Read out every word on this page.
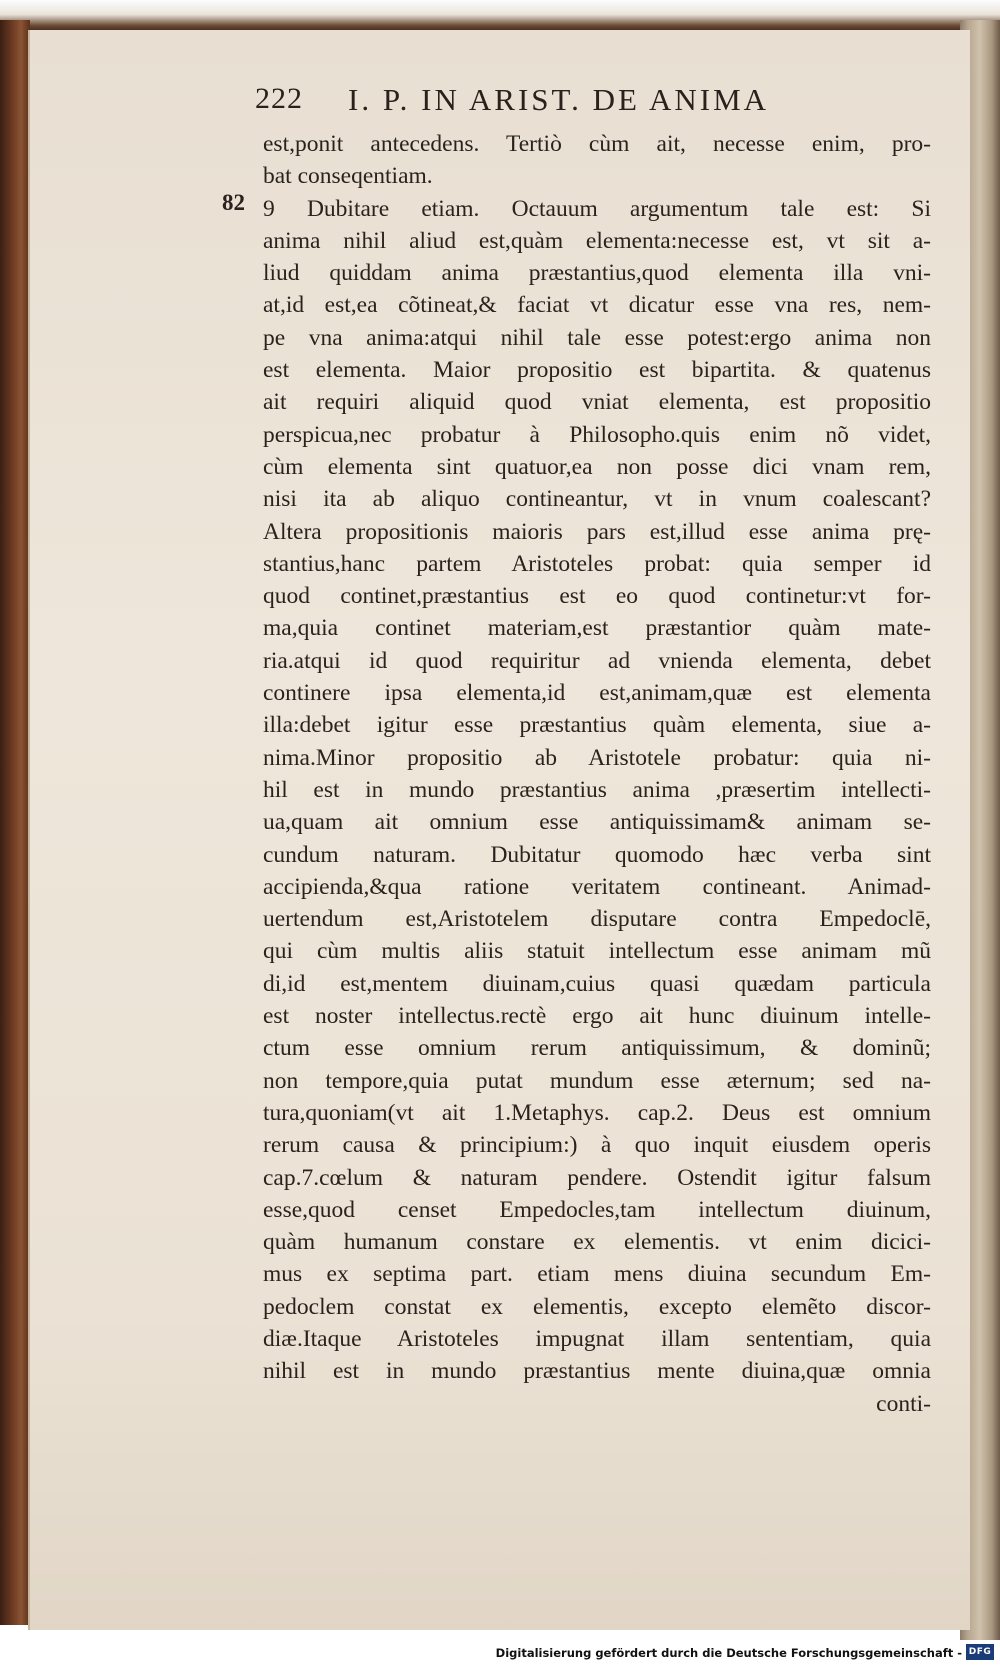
222 I. P. IN ARIST. DE ANIMA
82
est,ponit antecedens. Tertiò cùm ait, necesse enim, pro-
bat conseqentiam.
9 Dubitare etiam. Octauum argumentum tale est: Si
anima nihil aliud est,quàm elementa:necesse est, vt sit a-
liud quiddam anima præstantius,quod elementa illa vni-
at,id est,ea cõtineat,& faciat vt dicatur esse vna res, nem-
pe vna anima:atqui nihil tale esse potest:ergo anima non
est elementa. Maior propositio est bipartita. & quatenus
ait requiri aliquid quod vniat elementa, est propositio
perspicua,nec probatur à Philosopho.quis enim nõ videt,
cùm elementa sint quatuor,ea non posse dici vnam rem,
nisi ita ab aliquo contineantur, vt in vnum coalescant?
Altera propositionis maioris pars est,illud esse anima prę-
stantius,hanc partem Aristoteles probat: quia semper id
quod continet,præstantius est eo quod continetur:vt for-
ma,quia continet materiam,est præstantior quàm mate-
ria.atqui id quod requiritur ad vnienda elementa, debet
continere ipsa elementa,id est,animam,quæ est elementa
illa:debet igitur esse præstantius quàm elementa, siue a-
nima.Minor propositio ab Aristotele probatur: quia ni-
hil est in mundo præstantius anima ,præsertim intellecti-
ua,quam ait omnium esse antiquissimam& animam se-
cundum naturam. Dubitatur quomodo hæc verba sint
accipienda,&qua ratione veritatem contineant. Animad-
uertendum est,Aristotelem disputare contra Empedoclē,
qui cùm multis aliis statuit intellectum esse animam mũ
di,id est,mentem diuinam,cuius quasi quædam particula
est noster intellectus.rectè ergo ait hunc diuinum intelle-
ctum esse omnium rerum antiquissimum, & dominũ;
non tempore,quia putat mundum esse æternum; sed na-
tura,quoniam(vt ait 1.Metaphys. cap.2. Deus est omnium
rerum causa & principium:) à quo inquit eiusdem operis
cap.7.cœlum & naturam pendere. Ostendit igitur falsum
esse,quod censet Empedocles,tam intellectum diuinum,
quàm humanum constare ex elementis. vt enim dicici-
mus ex septima part. etiam mens diuina secundum Em-
pedoclem constat ex elementis, excepto elemẽto discor-
diæ.Itaque Aristoteles impugnat illam sententiam, quia
nihil est in mundo præstantius mente diuina,quæ omnia
conti-
Digitalisierung gefördert durch die Deutsche Forschungsgemeinschaft - DFG
